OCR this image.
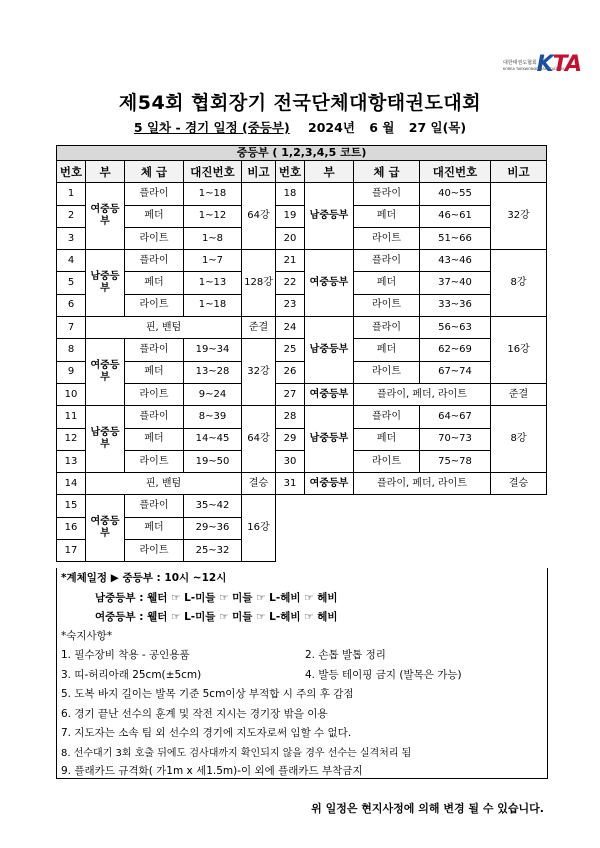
대한태권도협회
KOREA TAEKWONDO ASSOCIATION
KTA
제54회 협회장기 전국단체대항태권도대회
5 일차 - 경기 일정 (중등부) 2024년 6 월 27 일(목)
중등부 ( 1,2,3,4,5 코트)									
번호	부	체 급	대진번호	비고	번호	부	체 급	대진번호	비고
1	여중등부	플라이	1~18	64강	18	남중등부	플라이	40~55	32강
2		페더	1~12		19		페더	46~61	
3		라이트	1~8		20		라이트	51~66	
4	남중등부	플라이	1~7	128강	21	여중등부	플라이	43~46	8강
5		페더	1~13		22		페더	37~40	
6		라이트	1~18		23		라이트	33~36	
7	핀, 밴텀			준결	24	남중등부	플라이	56~63	16강
8	여중등부	플라이	19~34	32강	25		페더	62~69	
9		페더	13~28		26		라이트	67~74	
10		라이트	9~24		27	여중등부	플라이, 페더, 라이트		준결
11	남중등부	플라이	8~39	64강	28	남중등부	플라이	64~67	8강
12		페더	14~45		29		페더	70~73	
13		라이트	19~50		30		라이트	75~78	
14	핀, 밴텀			결승	31	여중등부	플라이, 페더, 라이트		결승
15	여중등부	플라이	35~42	16강					
16		페더	29~36						
17		라이트	25~32						
*계체일정 ▶ 중등부 : 10시 ~12시
남중등부 : 웰터 ☞ L-미들 ☞ 미들 ☞ L-헤비 ☞ 헤비
여중등부 : 웰터 ☞ L-미들 ☞ 미들 ☞ L-헤비 ☞ 헤비
*숙지사항*
1. 필수장비 착용 - 공인용품	2. 손톱 발톱 정리
3. 띠-허리아래 25cm(±5cm)	4. 발등 테이핑 금지 (발목은 가능)
5. 도복 바지 길이는 발목 기준 5cm이상 부적합 시 주의 후 감점
6. 경기 끝난 선수의 훈계 및 작전 지시는 경기장 밖을 이용
7. 지도자는 소속 팀 외 선수의 경기에 지도자로써 임할 수 없다.
8. 선수대기 3회 호출 뒤에도 검사대까지 확인되지 않을 경우 선수는 실격처리 됨
9. 플래카드 규격화( 가1m x 세1.5m)-이 외에 플래카드 부착금지
위 일정은 현지사정에 의해 변경 될 수 있습니다.
